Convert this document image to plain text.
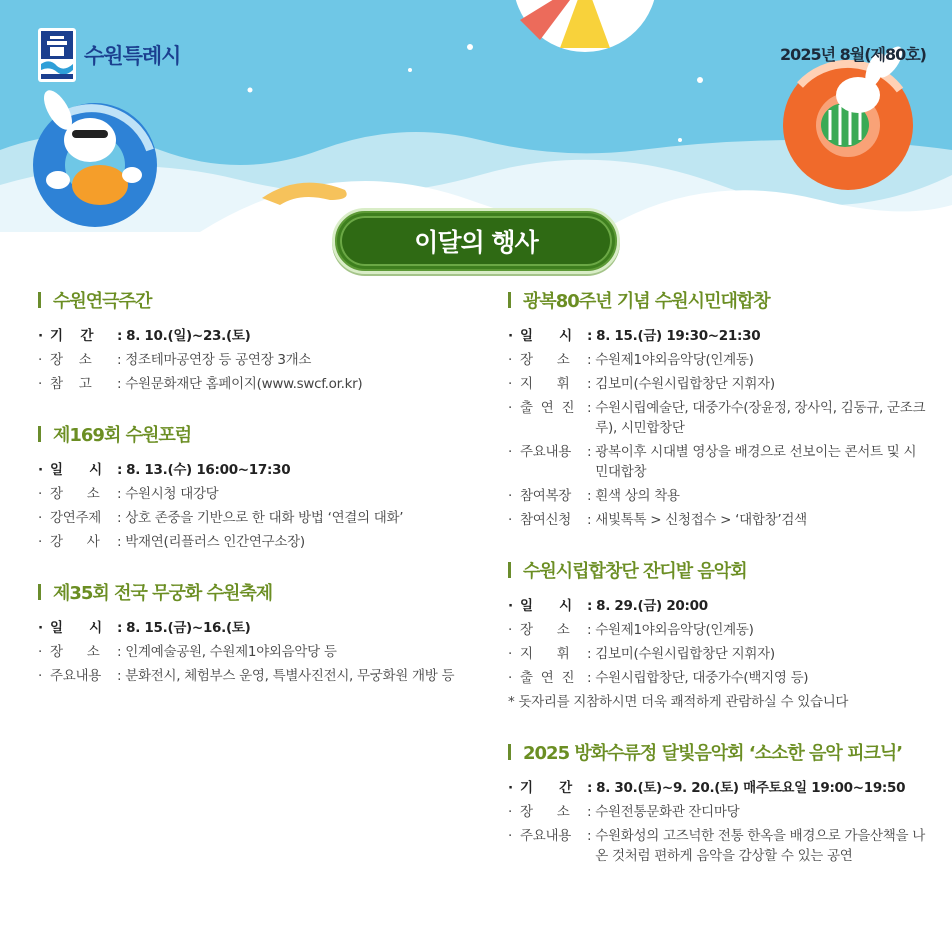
수원특례시	2025년 8월(제80호)
이달의 행사
수원연극주간
· 기    간	: 8. 10.(일)~23.(토)
· 장    소	: 정조테마공연장 등 공연장 3개소
· 참    고	: 수원문화재단 홈페이지(www.swcf.or.kr)
제169회 수원포럼
· 일      시	: 8. 13.(수) 16:00~17:30
· 장      소	: 수원시청 대강당
· 강연주제	: 상호 존중을 기반으로 한 대화 방법 ‘연결의 대화’
· 강      사	: 박재연(리플러스 인간연구소장)
제35회 전국 무궁화 수원축제
· 일      시	: 8. 15.(금)~16.(토)
· 장      소	: 인계예술공원, 수원제1야외음악당 등
· 주요내용	: 분화전시, 체험부스 운영, 특별사진전시, 무궁화원 개방 등
광복80주년 기념 수원시민대합창
· 일      시	: 8. 15.(금) 19:30~21:30
· 장      소	: 수원제1야외음악당(인계동)
· 지      휘	: 김보미(수원시립합창단 지휘자)
· 출  연  진 : 수원시립예술단, 대중가수(장윤정, 장사익, 김동규, 군조크루), 시민합창단
· 주요내용	: 광복이후 시대별 영상을 배경으로 선보이는 콘서트 및 시민대합창
· 참여복장	: 흰색 상의 착용
· 참여신청	: 새빛톡톡 > 신청접수 > ‘대합창’검색
수원시립합창단 잔디밭 음악회
· 일      시	: 8. 29.(금) 20:00
· 장      소	: 수원제1야외음악당(인계동)
· 지      휘	: 김보미(수원시립합창단 지휘자)
· 출  연  진 : 수원시립합창단, 대중가수(백지영 등)
* 돗자리를 지참하시면 더욱 쾌적하게 관람하실 수 있습니다
2025 방화수류정 달빛음악회 ‘소소한 음악 피크닉’
· 기      간	: 8. 30.(토)~9. 20.(토) 매주토요일 19:00~19:50
· 장      소	: 수원전통문화관 잔디마당
· 주요내용	: 수원화성의 고즈넉한 전통 한옥을 배경으로 가을산책을 나온 것처럼 편하게 음악을 감상할 수 있는 공연
